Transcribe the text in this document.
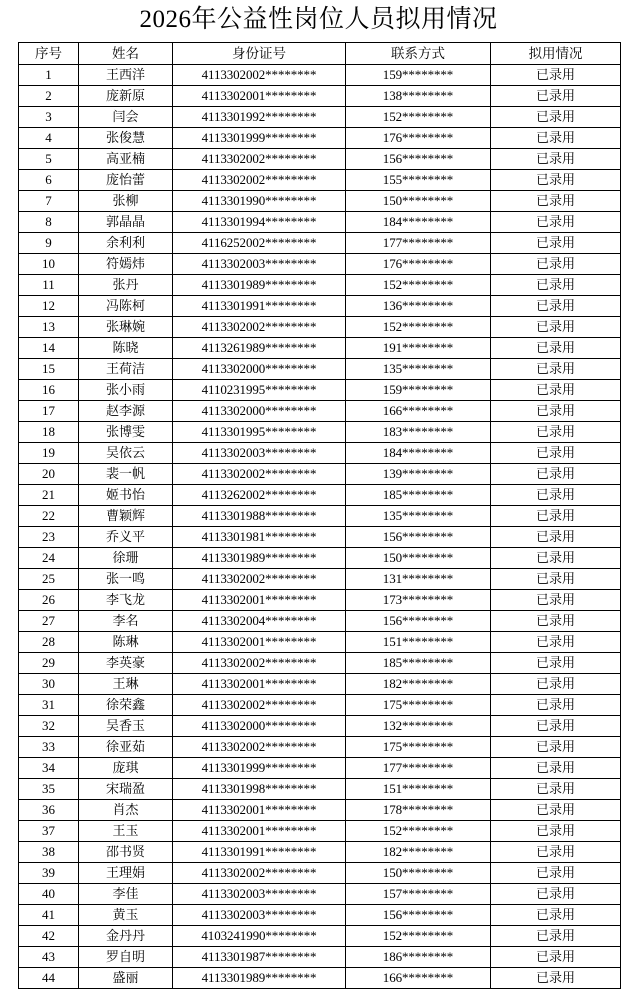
2026年公益性岗位人员拟用情况
序号	姓名	身份证号	联系方式	拟用情况
1	王西洋	4113302002********	159********	已录用
2	庞新原	4113302001********	138********	已录用
3	闫会	4113301992********	152********	已录用
4	张俊慧	4113301999********	176********	已录用
5	高亚楠	4113302002********	156********	已录用
6	庞怡蕾	4113302002********	155********	已录用
7	张柳	4113301990********	150********	已录用
8	郭晶晶	4113301994********	184********	已录用
9	余利利	4116252002********	177********	已录用
10	符嫣炜	4113302003********	176********	已录用
11	张丹	4113301989********	152********	已录用
12	冯陈柯	4113301991********	136********	已录用
13	张琳婉	4113302002********	152********	已录用
14	陈晓	4113261989********	191********	已录用
15	王荷洁	4113302000********	135********	已录用
16	张小雨	4110231995********	159********	已录用
17	赵李源	4113302000********	166********	已录用
18	张博雯	4113301995********	183********	已录用
19	吴依云	4113302003********	184********	已录用
20	裴一帆	4113302002********	139********	已录用
21	姬书怡	4113262002********	185********	已录用
22	曹颖辉	4113301988********	135********	已录用
23	乔义平	4113301981********	156********	已录用
24	徐珊	4113301989********	150********	已录用
25	张一鸣	4113302002********	131********	已录用
26	李飞龙	4113302001********	173********	已录用
27	李名	4113302004********	156********	已录用
28	陈琳	4113302001********	151********	已录用
29	李英豪	4113302002********	185********	已录用
30	王琳	4113302001********	182********	已录用
31	徐荣鑫	4113302002********	175********	已录用
32	吴香玉	4113302000********	132********	已录用
33	徐亚茹	4113302002********	175********	已录用
34	庞琪	4113301999********	177********	已录用
35	宋瑞盈	4113301998********	151********	已录用
36	肖杰	4113302001********	178********	已录用
37	王玉	4113302001********	152********	已录用
38	邵书贤	4113301991********	182********	已录用
39	王理娟	4113302002********	150********	已录用
40	李佳	4113302003********	157********	已录用
41	黄玉	4113302003********	156********	已录用
42	金丹丹	4103241990********	152********	已录用
43	罗自明	4113301987********	186********	已录用
44	盛丽	4113301989********	166********	已录用
